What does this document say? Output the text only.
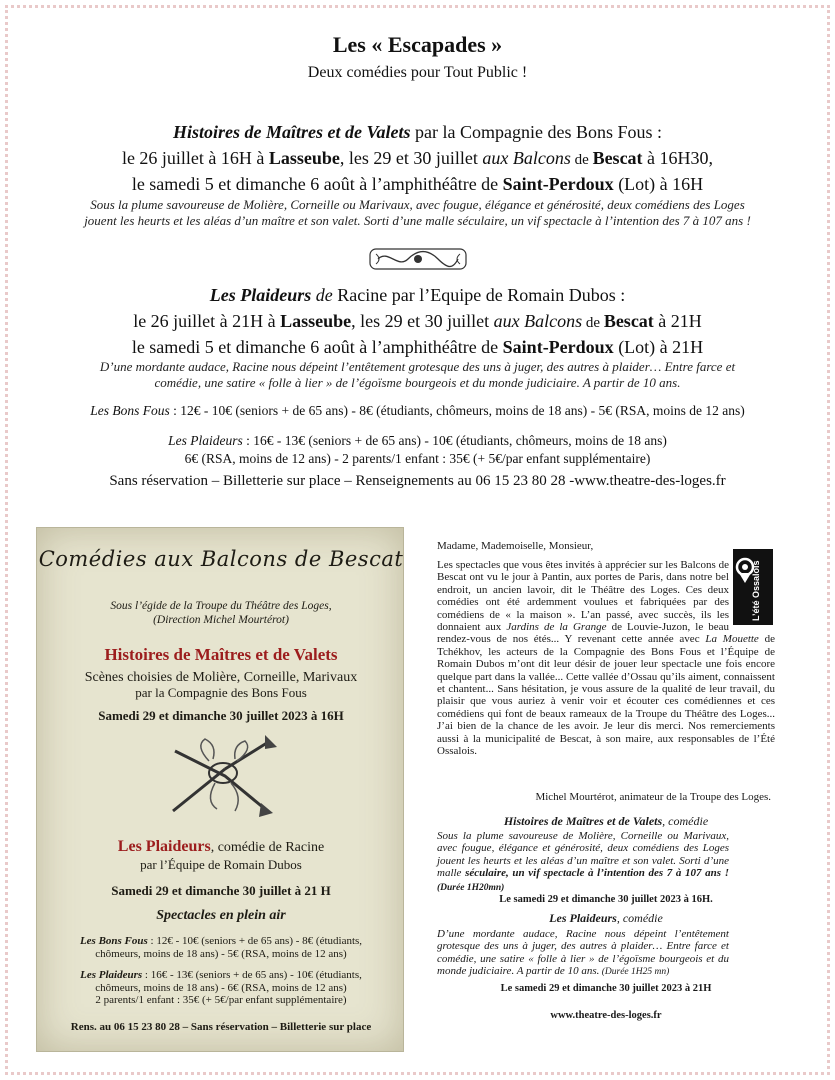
Les « Escapades »
Deux comédies pour Tout Public !
Histoires de Maîtres et de Valets par la Compagnie des Bons Fous :
le 26 juillet à 16H à Lasseube, les 29 et 30 juillet aux Balcons de Bescat à 16H30,
le samedi 5 et dimanche 6 août à l’amphithéâtre de Saint-Perdoux (Lot) à 16H
Sous la plume savoureuse de Molière, Corneille ou Marivaux, avec fougue, élégance et générosité, deux comédiens des Loges
jouent les heurts et les aléas d’un maître et son valet. Sorti d’une malle séculaire, un vif spectacle à l’intention des 7 à 107 ans !
Les Plaideurs de Racine par l’Equipe de Romain Dubos :
le 26 juillet à 21H à Lasseube, les 29 et 30 juillet aux Balcons de Bescat à 21H
le samedi 5 et dimanche 6 août à l’amphithéâtre de Saint-Perdoux (Lot) à 21H
D’une mordante audace, Racine nous dépeint l’entêtement grotesque des uns à juger, des autres à plaider… Entre farce et
comédie, une satire « folle à lier » de l’égoïsme bourgeois et du monde judiciaire. A partir de 10 ans.
Les Bons Fous : 12€ - 10€ (seniors + de 65 ans) - 8€ (étudiants, chômeurs, moins de 18 ans) - 5€ (RSA, moins de 12 ans)
Les Plaideurs : 16€ - 13€ (seniors + de 65 ans) - 10€ (étudiants, chômeurs, moins de 18 ans)
6€ (RSA, moins de 12 ans) - 2 parents/1 enfant : 35€ (+ 5€/par enfant supplémentaire)
Sans réservation – Billetterie sur place – Renseignements au 06 15 23 80 28 -www.theatre-des-loges.fr
Comédies aux Balcons de Bescat
Sous l’égide de la Troupe du Théâtre des Loges,
(Direction Michel Mourtérot)
Histoires de Maîtres et de Valets
Scènes choisies de Molière, Corneille, Marivaux
par la Compagnie des Bons Fous
Samedi 29 et dimanche 30 juillet 2023 à 16H
Les Plaideurs, comédie de Racine
par l’Équipe de Romain Dubos
Samedi 29 et dimanche 30 juillet à 21 H
Spectacles en plein air
Les Bons Fous : 12€ - 10€ (seniors + de 65 ans) - 8€ (étudiants,
chômeurs, moins de 18 ans) - 5€ (RSA, moins de 12 ans)
Les Plaideurs : 16€ - 13€ (seniors + de 65 ans) - 10€ (étudiants,
chômeurs, moins de 18 ans) - 6€ (RSA, moins de 12 ans)
2 parents/1 enfant : 35€ (+ 5€/par enfant supplémentaire)
Rens. au 06 15 23 80 28 – Sans réservation – Billetterie sur place
Madame, Mademoiselle, Monsieur,
L’été Ossalois
Les spectacles que vous êtes invités à apprécier sur les Balcons de Bescat ont vu le jour à Pantin, aux portes de Paris, dans notre bel endroit, un ancien lavoir, dit le Théâtre des Loges. Ces deux comédies ont été ardemment voulues et fabriquées par des comédiens de « la maison ». L’an passé, avec succès, ils les donnaient aux Jardins de la Grange de Louvie-Juzon, le beau rendez-vous de nos étés... Y revenant cette année avec La Mouette de Tchékhov, les acteurs de la Compagnie des Bons Fous et l’Équipe de Romain Dubos m’ont dit leur désir de jouer leur spectacle une fois encore quelque part dans la vallée... Cette vallée d’Ossau qu’ils aiment, connaissent et chantent... Sans hésitation, je vous assure de la qualité de leur travail, du plaisir que vous auriez à venir voir et écouter ces comédiennes et ces comédiens qui font de beaux rameaux de la Troupe du Théâtre des Loges... J’ai bien de la chance de les avoir. Je leur dis merci. Nos remerciements aussi à la municipalité de Bescat, à son maire, aux responsables de l’Été Ossalois.
Michel Mourtérot, animateur de la Troupe des Loges.
Histoires de Maîtres et de Valets, comédie
Sous la plume savoureuse de Molière, Corneille ou Marivaux, avec fougue, élégance et générosité, deux comédiens des Loges jouent les heurts et les aléas d’un maître et son valet. Sorti d’une malle séculaire, un vif spectacle à l’intention des 7 à 107 ans ! (Durée 1H20mn)
Le samedi 29 et dimanche 30 juillet 2023 à 16H.
Les Plaideurs, comédie
D’une mordante audace, Racine nous dépeint l’entêtement grotesque des uns à juger, des autres à plaider… Entre farce et comédie, une satire « folle à lier » de l’égoïsme bourgeois et du monde judiciaire. A partir de 10 ans. (Durée 1H25 mn)
Le samedi 29 et dimanche 30 juillet 2023 à 21H
www.theatre-des-loges.fr
